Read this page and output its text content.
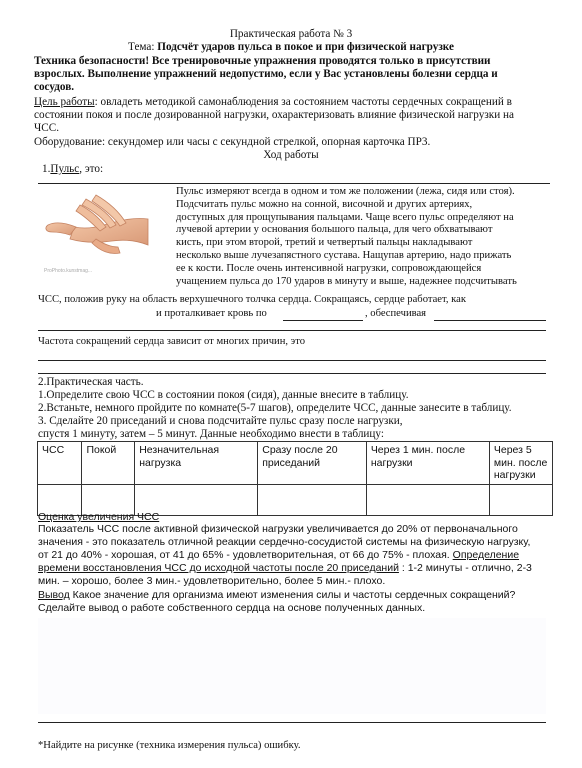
Практическая работа № 3
Тема: Подсчёт ударов пульса в покое и при физической нагрузке
Техника безопасности! Все тренировочные упражнения проводятся только в присутствии
взрослых. Выполнение упражнений недопустимо, если у Вас установлены болезни сердца и
сосудов.
Цель работы: овладеть методикой самонаблюдения за состоянием частоты сердечных сокращений в
состоянии покоя и после дозированной нагрузки, охарактеризовать влияние физической нагрузки на
ЧСС.
Оборудование: секундомер или часы с секундной стрелкой, опорная карточка ПР3.
Ход работы
1.Пульс, это:
ProPhoto.kunstmag...
Пульс измеряют всегда в одном и том же положении (лежа, сидя или стоя).
Подсчитать пульс можно на сонной, височной и других артериях,
доступных для прощупывания пальцами. Чаще всего пульс определяют на
лучевой артерии у основания большого пальца, для чего обхватывают
кисть, при этом второй, третий и четвертый пальцы накладывают
несколько выше лучезапястного сустава. Нащупав артерию, надо прижать
ее к кости. После очень интенсивной нагрузки, сопровождающейся
учащением пульса до 170 ударов в минуту и выше, надежнее подсчитывать
ЧСС, положив руку на область верхушечного толчка сердца. Сокращаясь, сердце работает, как
и проталкивает кровь по	, обеспечивая
Частота сокращений сердца зависит от многих причин, это
2.Практическая часть.
1.Определите свою ЧСС в состоянии покоя (сидя), данные внесите в таблицу.
2.Встаньте, немного пройдите по комнате(5-7 шагов), определите ЧСС, данные занесите в таблицу.
3. Сделайте 20 приседаний и снова подсчитайте пульс сразу после нагрузки,
спустя 1 минуту, затем – 5 минут. Данные необходимо внести в таблицу:
ЧСС	Покой	Незначительная нагрузка	Сразу после 20 приседаний	Через 1 мин. после нагрузки	Через 5 мин. после нагрузки

Оценка увеличения ЧСС
Показатель ЧСС после активной физической нагрузки увеличивается до 20% от первоначального
значения - это показатель отличной реакции сердечно-сосудистой системы на физическую нагрузку,
от 21 до 40% - хорошая, от 41 до 65% - удовлетворительная, от 66 до 75% - плохая. Определение
времени восстановления ЧСС до исходной частоты после 20 приседаний : 1-2 минуты - отлично, 2-3
мин. – хорошо, более 3 мин.- удовлетворительно, более 5 мин.- плохо.
Вывод Какое значение для организма имеют изменения силы и частоты сердечных сокращений?
Сделайте вывод о работе собственного сердца на основе полученных данных.
*Найдите на рисунке (техника измерения пульса) ошибку.
